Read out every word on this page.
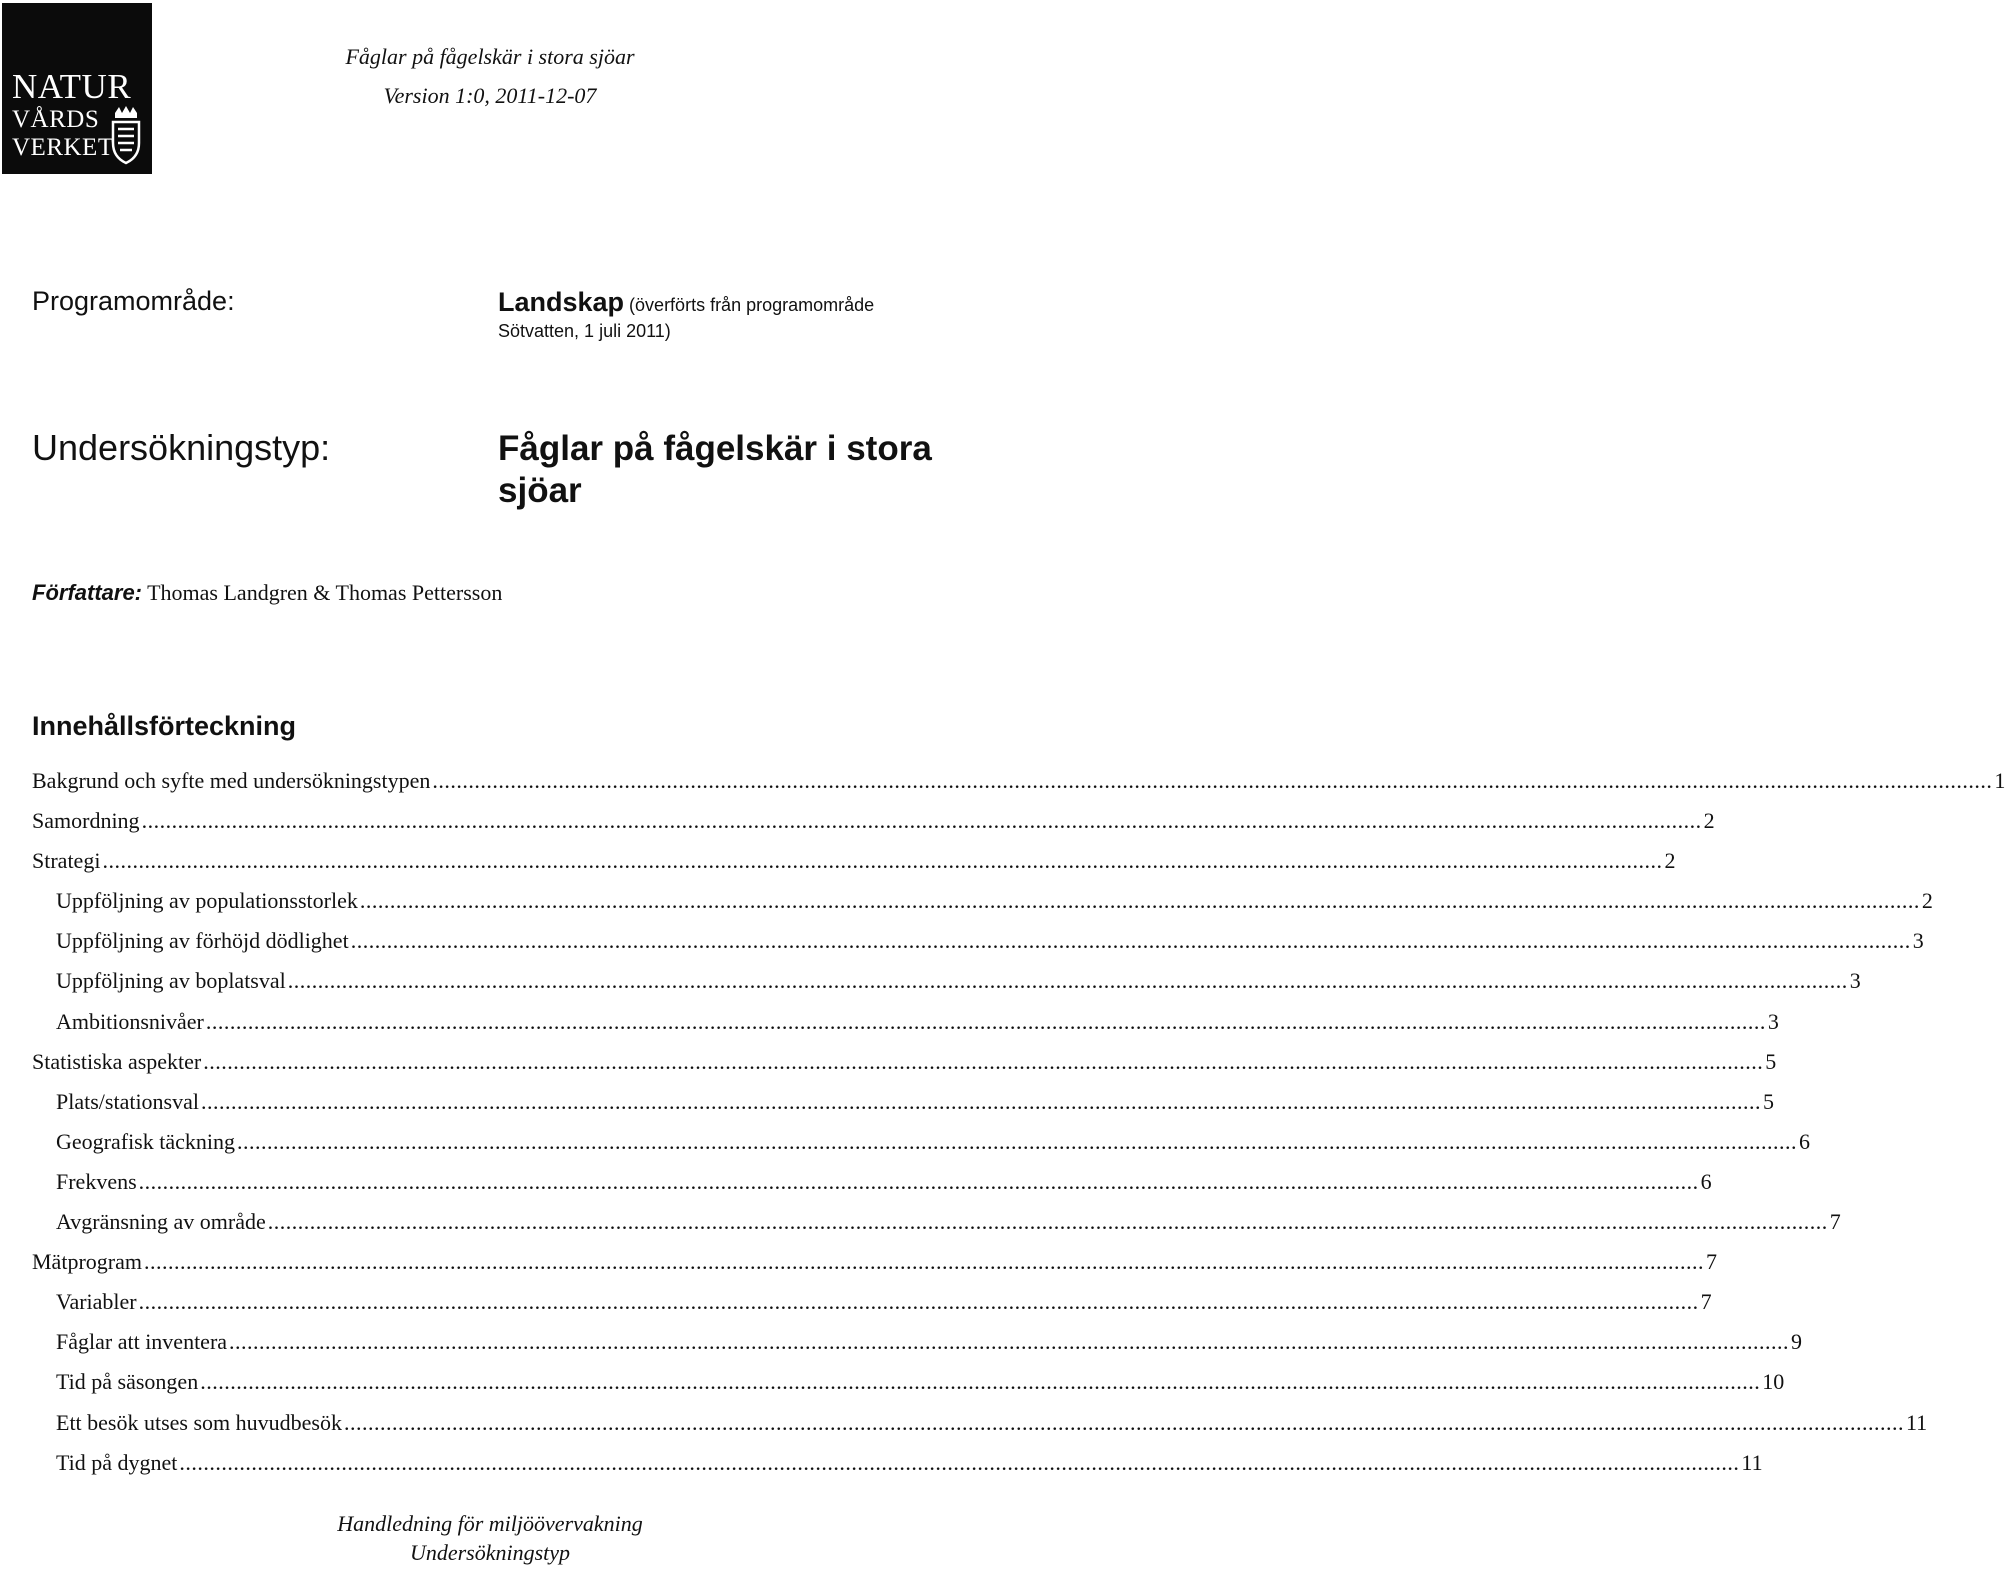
NATUR
VÅRDS
VERKET
Fåglar på fågelskär i stora sjöar
Version 1:0, 2011-12-07
Programområde:	Landskap (överförts från programområde Sötvatten, 1 juli 2011)
Undersökningstyp:	Fåglar på fågelskär i stora sjöar
Författare: Thomas Landgren & Thomas Pettersson
Innehållsförteckning
Bakgrund och syfte med undersökningstypen .................................................................................................................................................................................................................................................................... 1
Samordning .................................................................................................................................................................................................................................................................... 2
Strategi .................................................................................................................................................................................................................................................................... 2
Uppföljning av populationsstorlek .................................................................................................................................................................................................................................................................... 2
Uppföljning av förhöjd dödlighet .................................................................................................................................................................................................................................................................... 3
Uppföljning av boplatsval .................................................................................................................................................................................................................................................................... 3
Ambitionsnivåer .................................................................................................................................................................................................................................................................... 3
Statistiska aspekter .................................................................................................................................................................................................................................................................... 5
Plats/stationsval .................................................................................................................................................................................................................................................................... 5
Geografisk täckning .................................................................................................................................................................................................................................................................... 6
Frekvens .................................................................................................................................................................................................................................................................... 6
Avgränsning av område .................................................................................................................................................................................................................................................................... 7
Mätprogram .................................................................................................................................................................................................................................................................... 7
Variabler .................................................................................................................................................................................................................................................................... 7
Fåglar att inventera .................................................................................................................................................................................................................................................................... 9
Tid på säsongen .................................................................................................................................................................................................................................................................... 10
Ett besök utses som huvudbesök .................................................................................................................................................................................................................................................................... 11
Tid på dygnet .................................................................................................................................................................................................................................................................... 11
Handledning för miljöövervakning
Undersökningstyp
